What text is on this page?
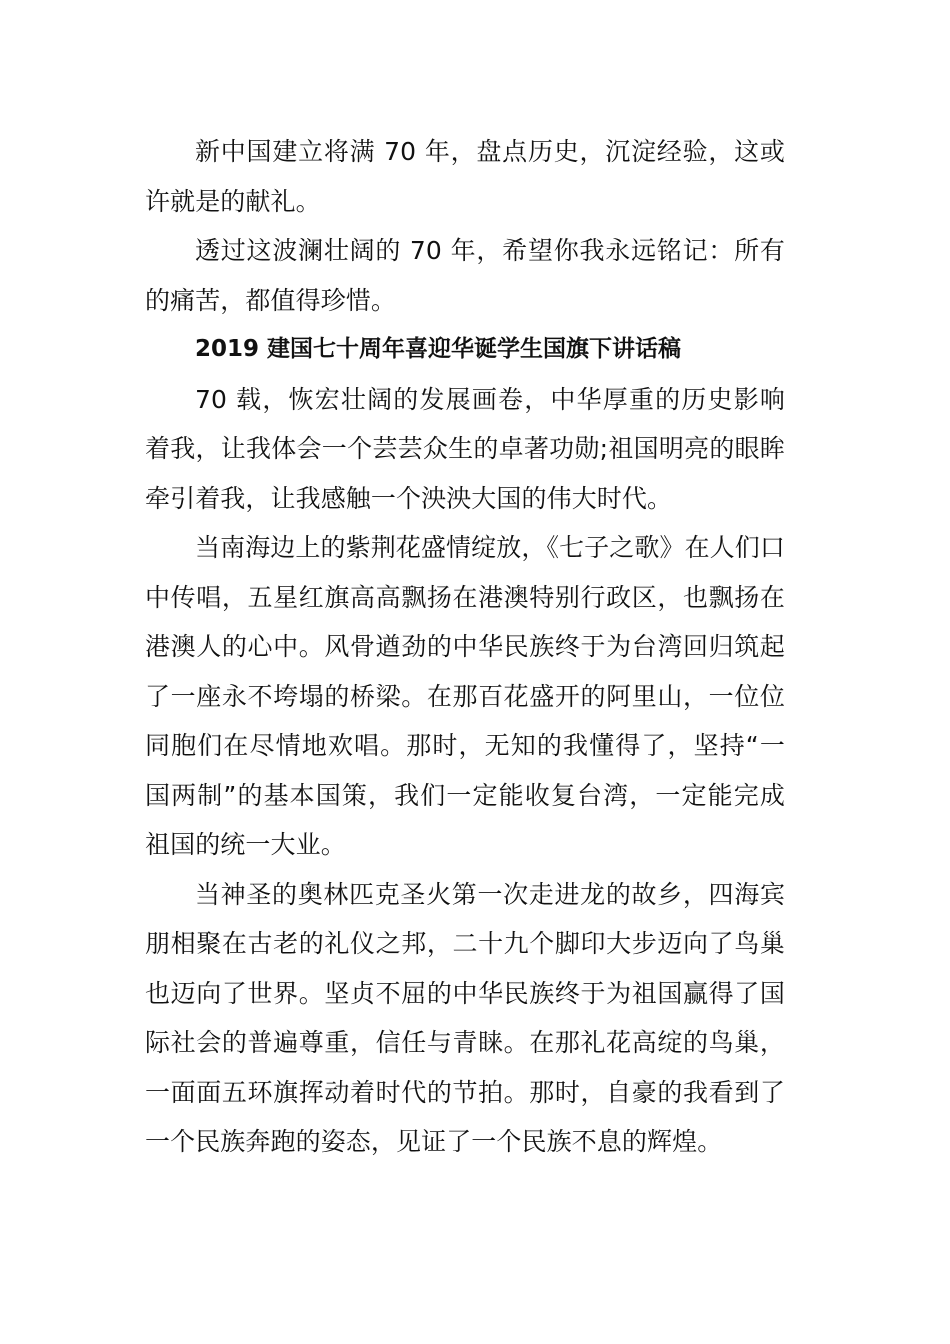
新中国建立将满 70 年，盘点历史，沉淀经验，这或许就是的献礼。

透过这波澜壮阔的 70 年，希望你我永远铭记：所有的痛苦，都值得珍惜。

2019 建国七十周年喜迎华诞学生国旗下讲话稿

70 载，恢宏壮阔的发展画卷，中华厚重的历史影响着我，让我体会一个芸芸众生的卓著功勋;祖国明亮的眼眸牵引着我，让我感触一个泱泱大国的伟大时代。

当南海边上的紫荆花盛情绽放，《七子之歌》在人们口中传唱，五星红旗高高飘扬在港澳特别行政区，也飘扬在港澳人的心中。风骨遒劲的中华民族终于为台湾回归筑起了一座永不垮塌的桥梁。在那百花盛开的阿里山，一位位同胞们在尽情地欢唱。那时，无知的我懂得了，坚持“一国两制”的基本国策，我们一定能收复台湾，一定能完成祖国的统一大业。

当神圣的奥林匹克圣火第一次走进龙的故乡，四海宾朋相聚在古老的礼仪之邦，二十九个脚印大步迈向了鸟巢也迈向了世界。坚贞不屈的中华民族终于为祖国赢得了国际社会的普遍尊重，信任与青睐。在那礼花高绽的鸟巢，一面面五环旗挥动着时代的节拍。那时，自豪的我看到了一个民族奔跑的姿态，见证了一个民族不息的辉煌。
